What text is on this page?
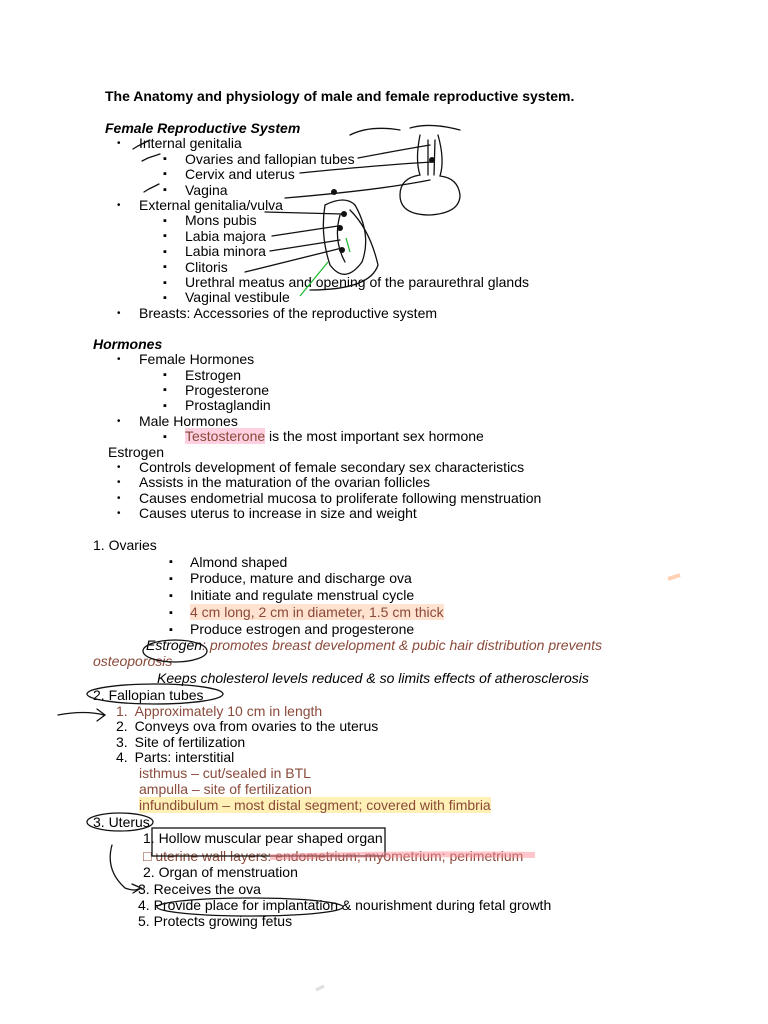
The Anatomy and physiology of male and female reproductive system.
Female Reproductive System
• Internal genitalia
▪ Ovaries and fallopian tubes
▪ Cervix and uterus
▪ Vagina
• External genitalia/vulva
▪ Mons pubis
▪ Labia majora
▪ Labia minora
▪ Clitoris
▪ Urethral meatus and opening of the paraurethral glands
▪ Vaginal vestibule
• Breasts: Accessories of the reproductive system
Hormones
• Female Hormones
▪ Estrogen
▪ Progesterone
▪ Prostaglandin
• Male Hormones
▪ Testosterone is the most important sex hormone
Estrogen
• Controls development of female secondary sex characteristics
• Assists in the maturation of the ovarian follicles
• Causes endometrial mucosa to proliferate following menstruation
• Causes uterus to increase in size and weight
1. Ovaries
▪ Almond shaped
▪ Produce, mature and discharge ova
▪ Initiate and regulate menstrual cycle
▪ 4 cm long, 2 cm in diameter, 1.5 cm thick
▪ Produce estrogen and progesterone
Estrogen: promotes breast development & pubic hair distribution prevents
osteoporosis
Keeps cholesterol levels reduced & so limits effects of atherosclerosis
2. Fallopian tubes
1. Approximately 10 cm in length
2. Conveys ova from ovaries to the uterus
3. Site of fertilization
4. Parts: interstitial
isthmus – cut/sealed in BTL
ampulla – site of fertilization
infundibulum – most distal segment; covered with fimbria
3. Uterus
1. Hollow muscular pear shaped organ
□ uterine wall layers: endometrium; myometrium; perimetrium
2. Organ of menstruation
3. Receives the ova
4. Provide place for implantation & nourishment during fetal growth
5. Protects growing fetus
